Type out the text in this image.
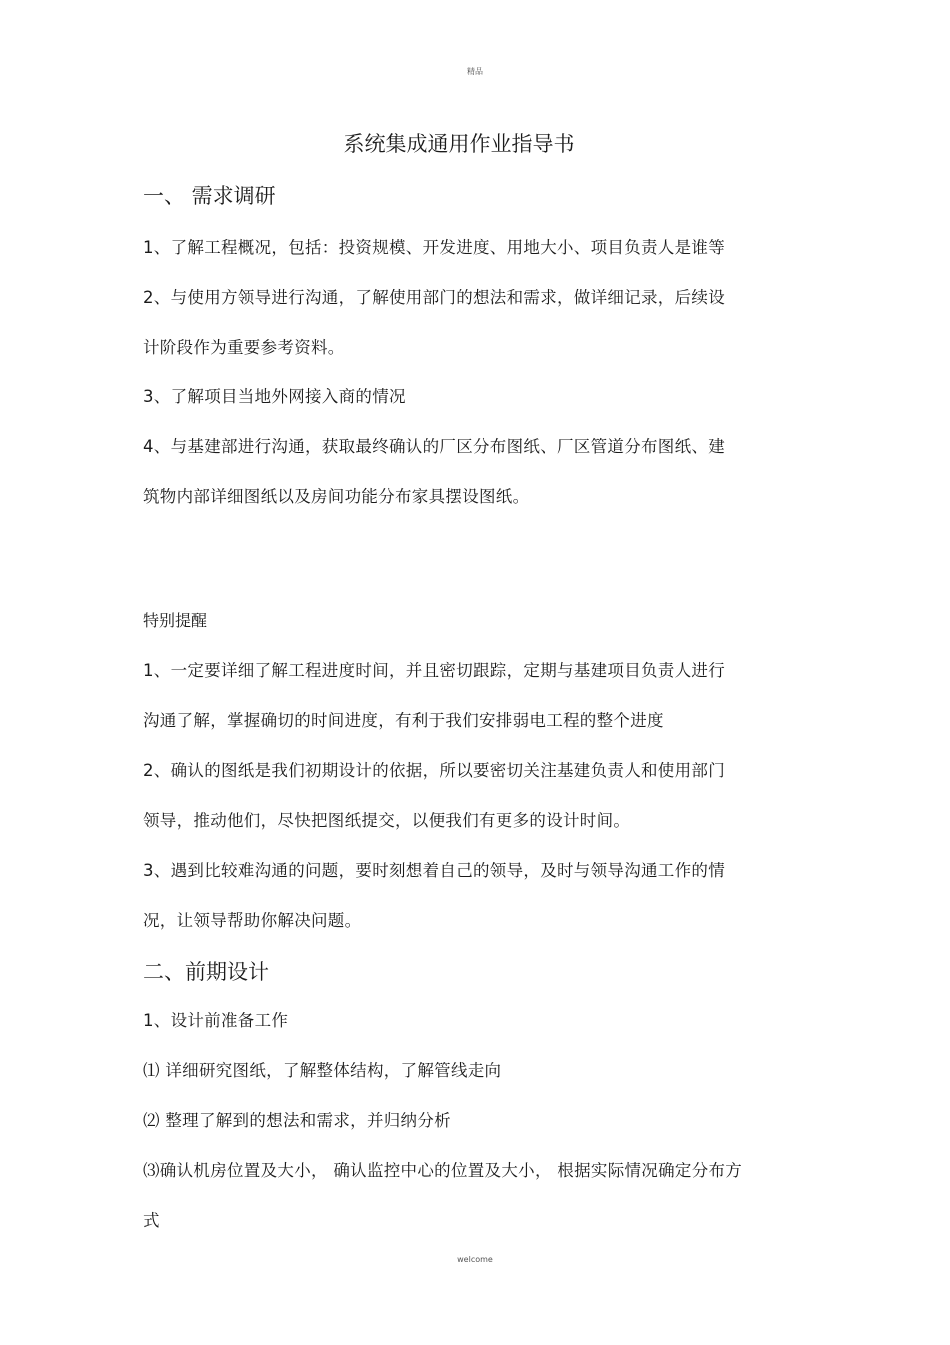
精品
系统集成通用作业指导书
一、 需求调研
1、了解工程概况，包括：投资规模、开发进度、用地大小、项目负责人是谁等
2、与使用方领导进行沟通，了解使用部门的想法和需求，做详细记录，后续设
计阶段作为重要参考资料。
3、了解项目当地外网接入商的情况
4、与基建部进行沟通，获取最终确认的厂区分布图纸、厂区管道分布图纸、建
筑物内部详细图纸以及房间功能分布家具摆设图纸。
特别提醒
1、一定要详细了解工程进度时间，并且密切跟踪，定期与基建项目负责人进行
沟通了解，掌握确切的时间进度，有利于我们安排弱电工程的整个进度
2、确认的图纸是我们初期设计的依据，所以要密切关注基建负责人和使用部门
领导，推动他们，尽快把图纸提交，以便我们有更多的设计时间。
3、遇到比较难沟通的问题，要时刻想着自己的领导，及时与领导沟通工作的情
况，让领导帮助你解决问题。
二、前期设计
1、设计前准备工作
⑴ 详细研究图纸，了解整体结构，了解管线走向
⑵ 整理了解到的想法和需求，并归纳分析
⑶确认机房位置及大小， 确认监控中心的位置及大小， 根据实际情况确定分布方
式
welcome
